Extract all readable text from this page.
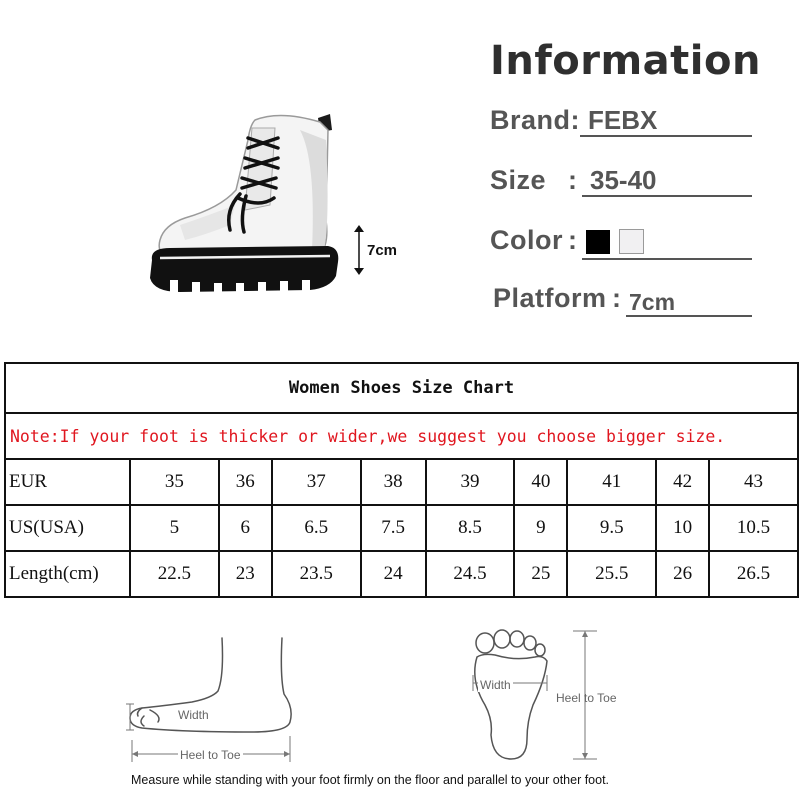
7cm
Information
Brand: FEBX
Size : 35-40
Color :
Platform : 7cm
Women Shoes Size Chart									
Note:If your foot is thicker or wider,we suggest you choose bigger size.									
EUR	35	36	37	38	39	40	41	42	43
US(USA)	5	6	6.5	7.5	8.5	9	9.5	10	10.5
Length(cm)	22.5	23	23.5	24	24.5	25	25.5	26	26.5
Width
Heel to Toe
Width
Heel to Toe
Measure while standing with your foot firmly on the floor and parallel to your other foot.
